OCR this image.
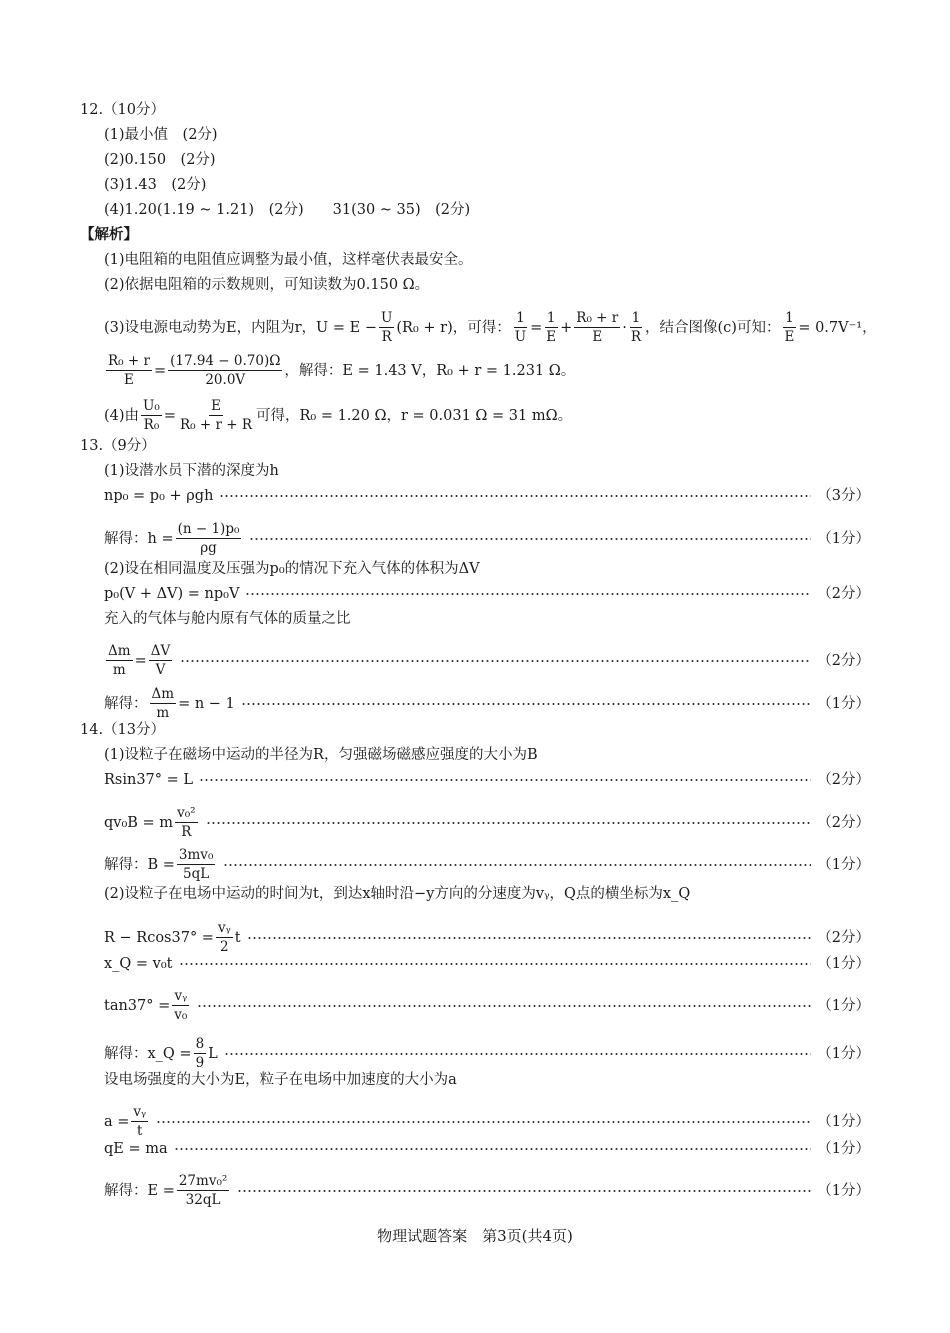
12.（10分）
(1)最小值　(2分)
(2)0.150　(2分)
(3)1.43　(2分)
(4)1.20(1.19 ~ 1.21)　(2分)　　31(30 ~ 35)　(2分)
【解析】
(1)电阻箱的电阻值应调整为最小值，这样毫伏表最安全。
(2)依据电阻箱的示数规则，可知读数为0.150 Ω。
(3)设电源电动势为E，内阻为r，$U = E - \frac{U}{R} (R_0 + r)$，可得： $\frac{1}{U} = \frac{1}{E} + \frac{\text{R₀ + r}}{E} \cdot \frac{1}{R}$ ，结合图像(c)可知： $\frac{1}{E} = 0.7V^{-1}$，
$\frac{\text{R₀ + r}}{E} = \frac{(17.94 - 0.70)\Omega}{20.0V}$ ，解得：E = 1.43 V，R₀ + r = 1.231 Ω。
(4)由 $\frac{\text{U₀}}{\text{R₀}} = \frac{E}{\text{R₀ + r + R}}$ 可得，R₀ = 1.20 Ω，r = 0.031 Ω = 31 mΩ。
13.（9分）
(1)设潜水员下潜的深度为h
np₀ = p₀ + ρgh	（3分）
解得：$h = \frac{\text{(n − 1)p₀}}{\rho g}$	（1分）
(2)设在相同温度及压强为p₀的情况下充入气体的体积为ΔV
p₀(V + ΔV) = np₀V	（2分）
充入的气体与舱内原有气体的质量之比
$\frac{\Delta m}{m} = \frac{\Delta V}{V}$	（2分）
解得： $\frac{\Delta m}{m} = n - 1$	（1分）
14.（13分）
(1)设粒子在磁场中运动的半径为R，匀强磁场磁感应强度的大小为B
Rsin37° = L	（2分）
qv₀B = m $\frac{\text{v₀²}}{R}$	（2分）
解得：$B = \frac{\text{3mv₀}}{5qL}$	（1分）
(2)设粒子在电场中运动的时间为t，到达x轴时沿−y方向的分速度为vᵧ，Q点的横坐标为x_Q
$R - Rcos37^\circ = \frac{\text{vᵧ}}{2}$ t	（2分）
x_Q = v₀t	（1分）
$\tan 37^\circ = \frac{\text{vᵧ}}{\text{v₀}}$	（1分）
解得：x_Q = $\frac{8}{9}$ L	（1分）
设电场强度的大小为E，粒子在电场中加速度的大小为a
$a = \frac{\text{vᵧ}}{t}$	（1分）
qE = ma	（1分）
解得：$E = \frac{\text{27mv₀²}}{32qL}$	（1分）
物理试题答案　第3页(共4页)
